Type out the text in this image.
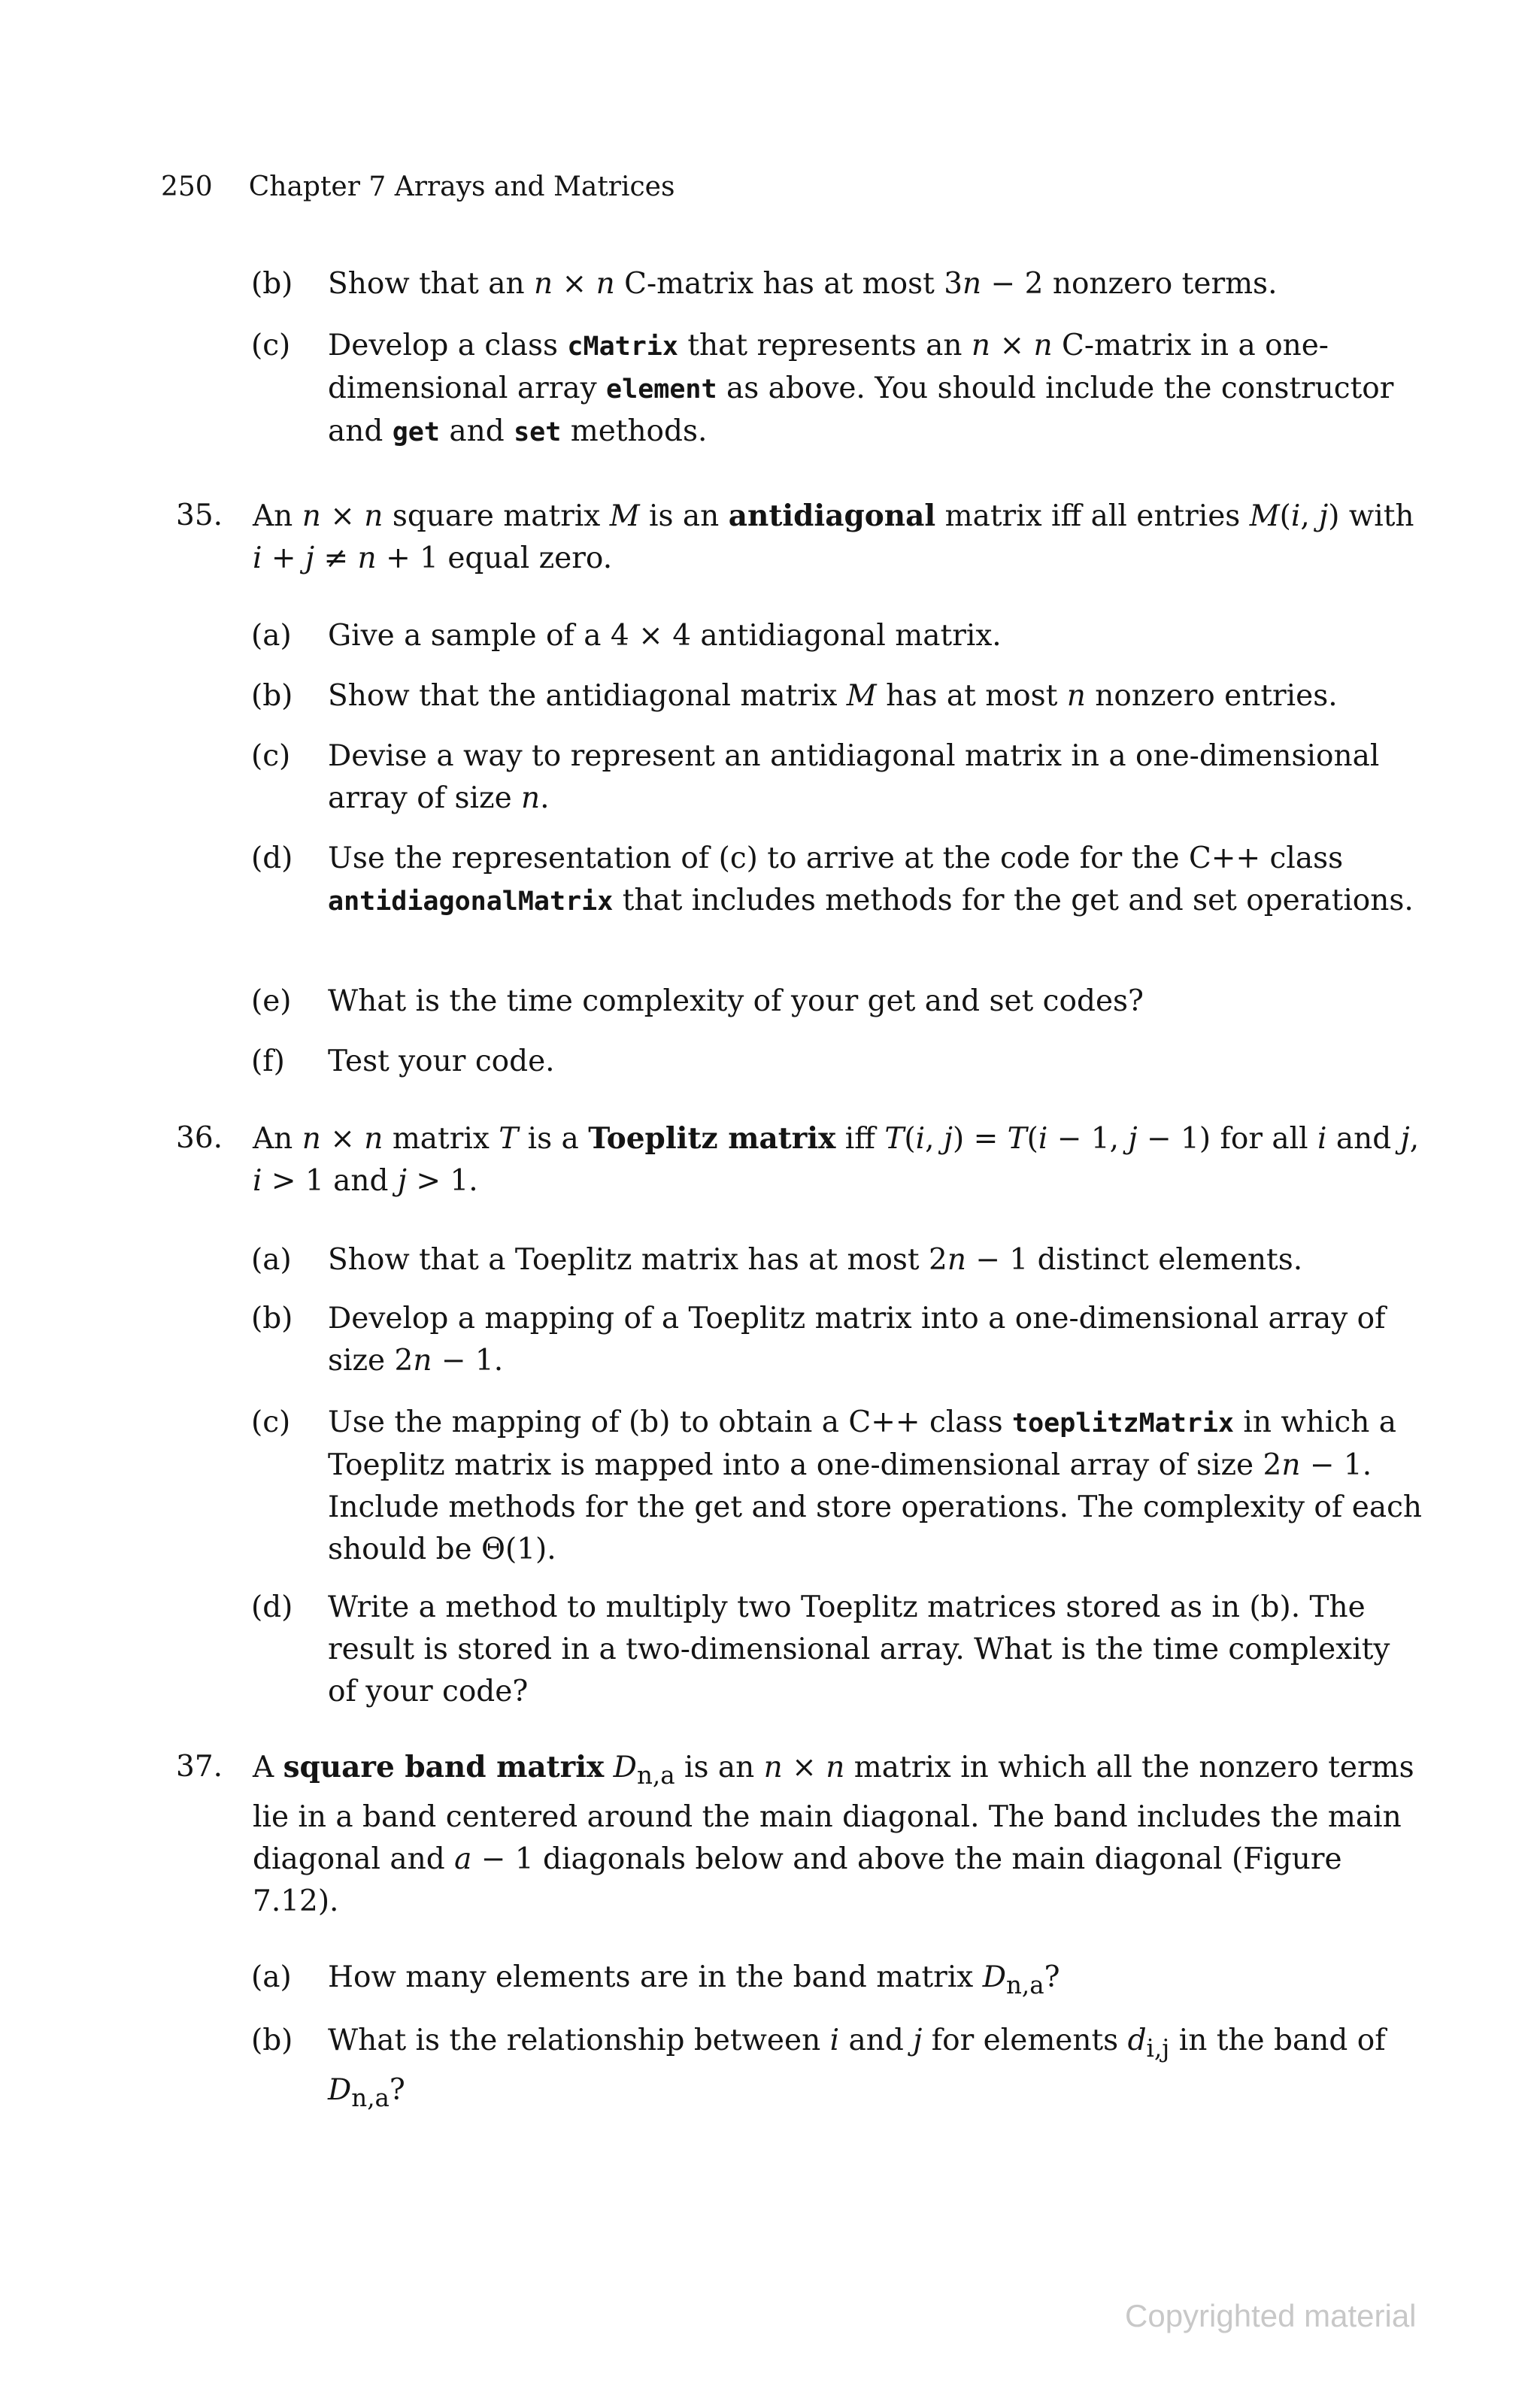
250 Chapter 7 Arrays and Matrices
(b) Show that an n × n C-matrix has at most 3n − 2 nonzero terms.
(c) Develop a class cMatrix that represents an n × n C-matrix in a one-dimensional array element as above. You should include the constructor and get and set methods.
35. An n × n square matrix M is an antidiagonal matrix iff all entries M(i, j) with i + j ≠ n + 1 equal zero.
(a) Give a sample of a 4 × 4 antidiagonal matrix.
(b) Show that the antidiagonal matrix M has at most n nonzero entries.
(c) Devise a way to represent an antidiagonal matrix in a one-dimensional array of size n.
(d) Use the representation of (c) to arrive at the code for the C++ class antidiagonalMatrix that includes methods for the get and set operations.
(e) What is the time complexity of your get and set codes?
(f) Test your code.
36. An n × n matrix T is a Toeplitz matrix iff T(i, j) = T(i − 1, j − 1) for all i and j, i > 1 and j > 1.
(a) Show that a Toeplitz matrix has at most 2n − 1 distinct elements.
(b) Develop a mapping of a Toeplitz matrix into a one-dimensional array of size 2n − 1.
(c) Use the mapping of (b) to obtain a C++ class toeplitzMatrix in which a Toeplitz matrix is mapped into a one-dimensional array of size 2n − 1. Include methods for the get and store operations. The complexity of each should be Θ(1).
(d) Write a method to multiply two Toeplitz matrices stored as in (b). The result is stored in a two-dimensional array. What is the time complexity of your code?
37. A square band matrix $D_{n,a}$ is an n × n matrix in which all the nonzero terms lie in a band centered around the main diagonal. The band includes the main diagonal and a − 1 diagonals below and above the main diagonal (Figure 7.12).
(a) How many elements are in the band matrix $D_{n,a}$?
(b) What is the relationship between i and j for elements $d_{i,j}$ in the band of $D_{n,a}$?
Copyrighted material
